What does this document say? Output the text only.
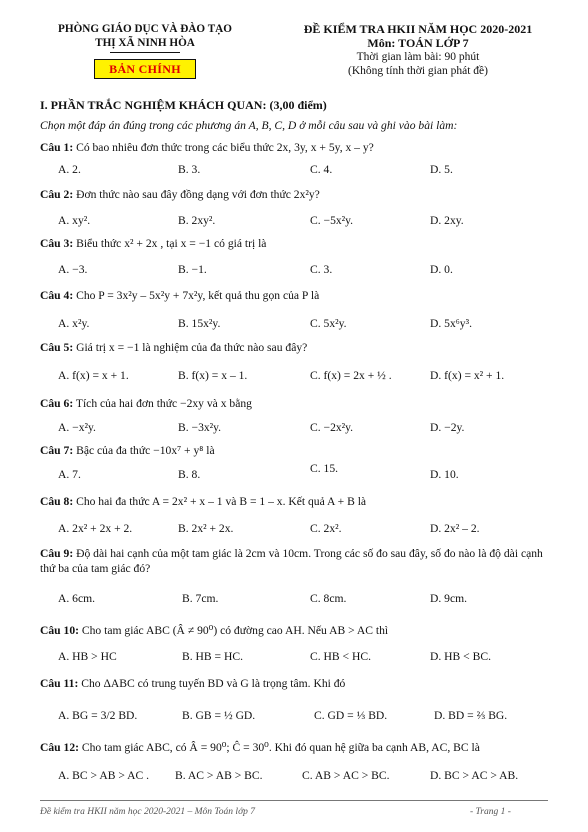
PHÒNG GIÁO DỤC VÀ ĐÀO TẠO
THỊ XÃ NINH HÒA
BẢN CHÍNH
ĐỀ KIỂM TRA HKII NĂM HỌC 2020-2021
Môn: TOÁN LỚP 7
Thời gian làm bài: 90 phút
(Không tính thời gian phát đề)
I. PHẦN TRẮC NGHIỆM KHÁCH QUAN: (3,00 điểm)
Chọn một đáp án đúng trong các phương án A, B, C, D ở mỗi câu sau và ghi vào bài làm:
Câu 1: Có bao nhiêu đơn thức trong các biểu thức 2x, 3y, x + 5y, x – y?
A. 2.	B. 3.	C. 4.	D. 5.
Câu 2: Đơn thức nào sau đây đồng dạng với đơn thức 2x²y?
A. xy².	B. 2xy².	C. −5x²y.	D. 2xy.
Câu 3: Biểu thức x² + 2x , tại x = −1 có giá trị là
A. −3.	B. −1.	C. 3.	D. 0.
Câu 4: Cho P = 3x²y – 5x²y + 7x²y, kết quả thu gọn của P là
A. x²y.	B. 15x²y.	C. 5x²y.	D. 5x⁶y³.
Câu 5: Giá trị x = −1 là nghiệm của đa thức nào sau đây?
A. f(x) = x + 1.	B. f(x) = x – 1.	C. f(x) = 2x + ½ .	D. f(x) = x² + 1.
Câu 6: Tích của hai đơn thức −2xy và x bằng
A. −x²y.	B. −3x²y.	C. −2x²y.	D. −2y.
Câu 7: Bậc của đa thức −10x⁷ + y⁸ là
A. 7.	B. 8.	C. 15.	D. 10.
Câu 8: Cho hai đa thức A = 2x² + x – 1 và B = 1 – x. Kết quả A + B là
A. 2x² + 2x + 2.	B. 2x² + 2x.	C. 2x².	D. 2x² – 2.
Câu 9: Độ dài hai cạnh của một tam giác là 2cm và 10cm. Trong các số đo sau đây, số đo nào là độ dài cạnh thứ ba của tam giác đó?
A. 6cm.	B. 7cm.	C. 8cm.	D. 9cm.
Câu 10: Cho tam giác ABC (Â ≠ 90⁰) có đường cao AH. Nếu AB > AC thì
A. HB > HC	B. HB = HC.	C. HB < HC.	D. HB < BC.
Câu 11: Cho ΔABC có trung tuyến BD và G là trọng tâm. Khi đó
A. BG = 3/2 BD.	B. GB = ½ GD.	C. GD = ⅓ BD.	D. BD = ⅔ BG.
Câu 12: Cho tam giác ABC, có Â = 90⁰; Ĉ = 30⁰. Khi đó quan hệ giữa ba cạnh AB, AC, BC là
A. BC > AB > AC . B. AC > AB > BC.	C. AB > AC > BC.	D. BC > AC > AB.
Đề kiểm tra HKII năm học 2020-2021 – Môn Toán lớp 7	- Trang 1 -
